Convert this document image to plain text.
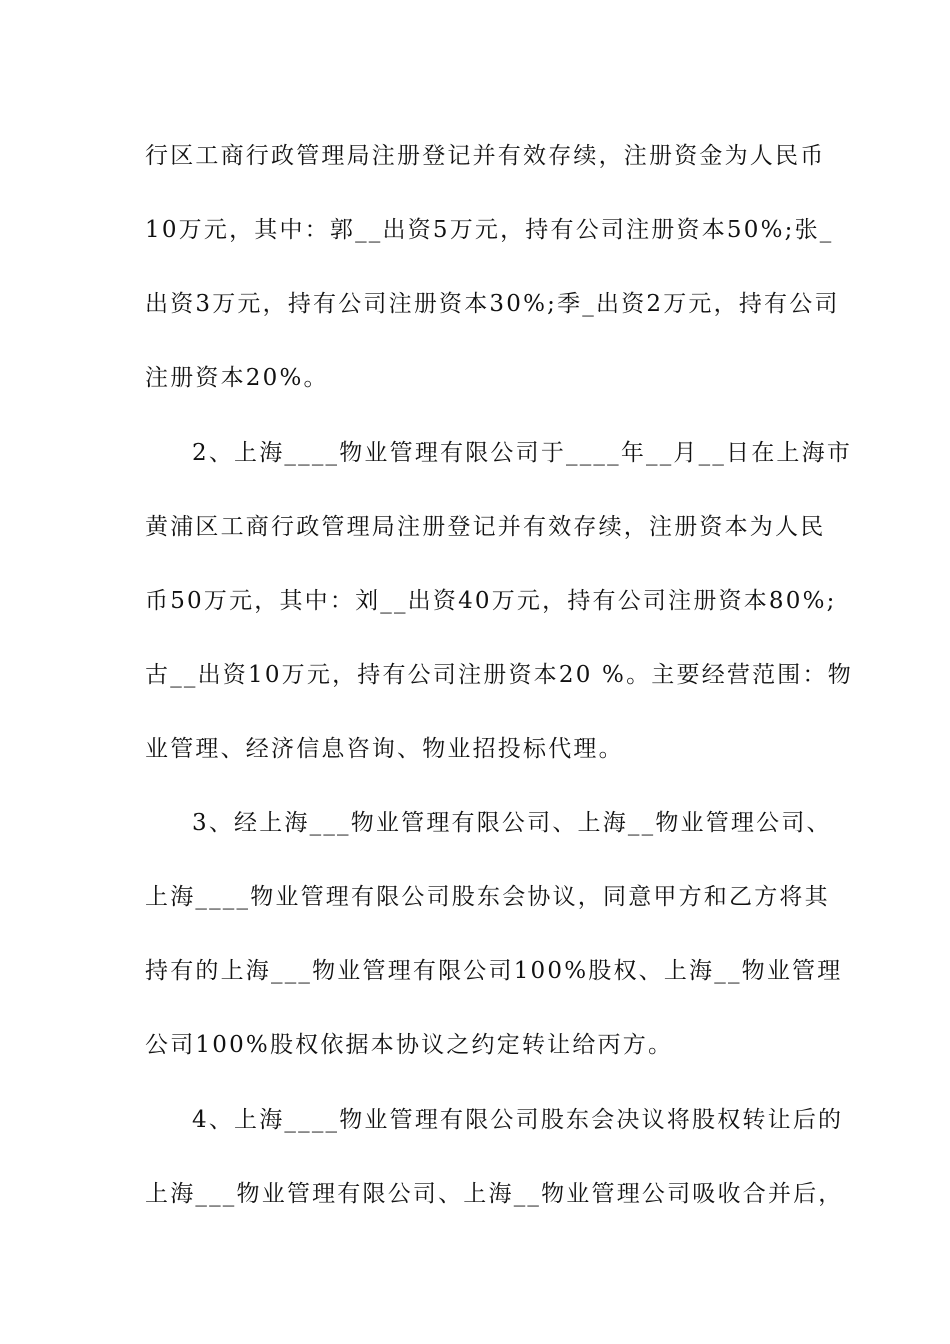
行区工商行政管理局注册登记并有效存续，注册资金为人民币
10万元，其中：郭__出资5万元，持有公司注册资本50%;张_
出资3万元，持有公司注册资本30%;季_出资2万元，持有公司
注册资本20%。
2、上海____物业管理有限公司于____年__月__日在上海市
黄浦区工商行政管理局注册登记并有效存续，注册资本为人民
币50万元，其中：刘__出资40万元，持有公司注册资本80%;
古__出资10万元，持有公司注册资本20 %。主要经营范围：物
业管理、经济信息咨询、物业招投标代理。
3、经上海___物业管理有限公司、上海__物业管理公司、
上海____物业管理有限公司股东会协议，同意甲方和乙方将其
持有的上海___物业管理有限公司100%股权、上海__物业管理
公司100%股权依据本协议之约定转让给丙方。
4、上海____物业管理有限公司股东会决议将股权转让后的
上海___物业管理有限公司、上海__物业管理公司吸收合并后，
